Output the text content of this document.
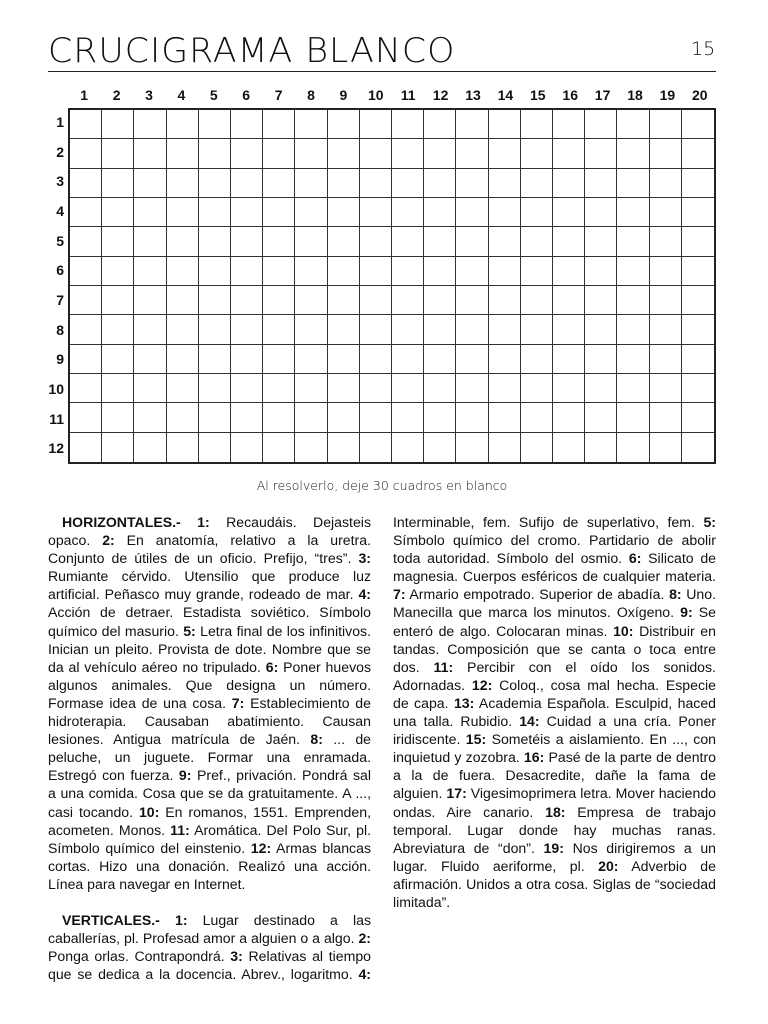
CRUCIGRAMA BLANCO	15
1	2	3	4	5	6	7	8	9	10	11	12	13	14	15	16	17	18	19	20
1
2
3
4
5
6
7
8
9
10
11
12
Al resolverlo, deje 30 cuadros en blanco

HORIZONTALES.- 1: Recaudáis. Dejasteis opaco. 2: En anatomía, relativo a la uretra. Conjunto de útiles de un oficio. Prefijo, “tres”. 3: Rumiante cérvido. Utensilio que produce luz artificial. Peñasco muy grande, rodeado de mar. 4: Acción de detraer. Estadista soviético. Símbolo químico del masurio. 5: Letra final de los infinitivos. Inician un pleito. Provista de dote. Nombre que se da al vehículo aéreo no tripulado. 6: Poner huevos algunos animales. Que designa un número. Formase idea de una cosa. 7: Establecimiento de hidroterapia. Causaban abatimiento. Causan lesiones. Antigua matrícula de Jaén. 8: ... de peluche, un juguete. Formar una enramada. Estregó con fuerza. 9: Pref., privación. Pondrá sal a una comida. Cosa que se da gratuitamente. A ..., casi tocando. 10: En romanos, 1551. Emprenden, acometen. Monos. 11: Aromática. Del Polo Sur, pl. Símbolo químico del einstenio. 12: Armas blancas cortas. Hizo una donación. Realizó una acción. Línea para navegar en Internet.

VERTICALES.- 1: Lugar destinado a las caballerías, pl. Profesad amor a alguien o a algo. 2: Ponga orlas. Contrapondrá. 3: Relativas al tiempo que se dedica a la docencia. Abrev., logaritmo. 4: Interminable, fem. Sufijo de superlativo, fem. 5: Símbolo químico del cromo. Partidario de abolir toda autoridad. Símbolo del osmio. 6: Silicato de magnesia. Cuerpos esféricos de cualquier materia. 7: Armario empotrado. Superior de abadía. 8: Uno. Manecilla que marca los minutos. Oxígeno. 9: Se enteró de algo. Colocaran minas. 10: Distribuir en tandas. Composición que se canta o toca entre dos. 11: Percibir con el oído los sonidos. Adornadas. 12: Coloq., cosa mal hecha. Especie de capa. 13: Academia Española. Esculpid, haced una talla. Rubidio. 14: Cuidad a una cría. Poner iridiscente. 15: Sometéis a aislamiento. En ..., con inquietud y zozobra. 16: Pasé de la parte de dentro a la de fuera. Desacredite, dañe la fama de alguien. 17: Vigesimoprimera letra. Mover haciendo ondas. Aire canario. 18: Empresa de trabajo temporal. Lugar donde hay muchas ranas. Abreviatura de “don”. 19: Nos dirigiremos a un lugar. Fluido aeriforme, pl. 20: Adverbio de afirmación. Unidos a otra cosa. Siglas de “sociedad limitada”.
